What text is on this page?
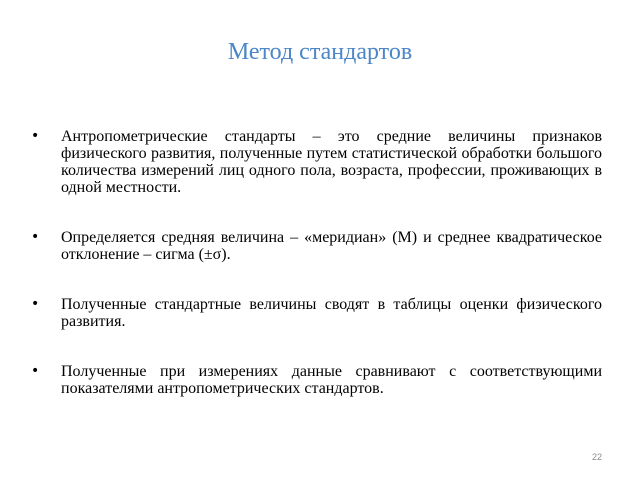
Метод стандартов
• Антропометрические стандарты – это средние величины признаков физического развития, полученные путем статистической обработки большого количества измерений лиц одного пола, возраста, профессии, проживающих в одной местности.
• Определяется средняя величина – «меридиан» (М) и среднее квадратическое отклонение – сигма (±σ).
• Полученные стандартные величины сводят в таблицы оценки физического развития.
• Полученные при измерениях данные сравнивают с соответствующими показателями антропометрических стандартов.
22
